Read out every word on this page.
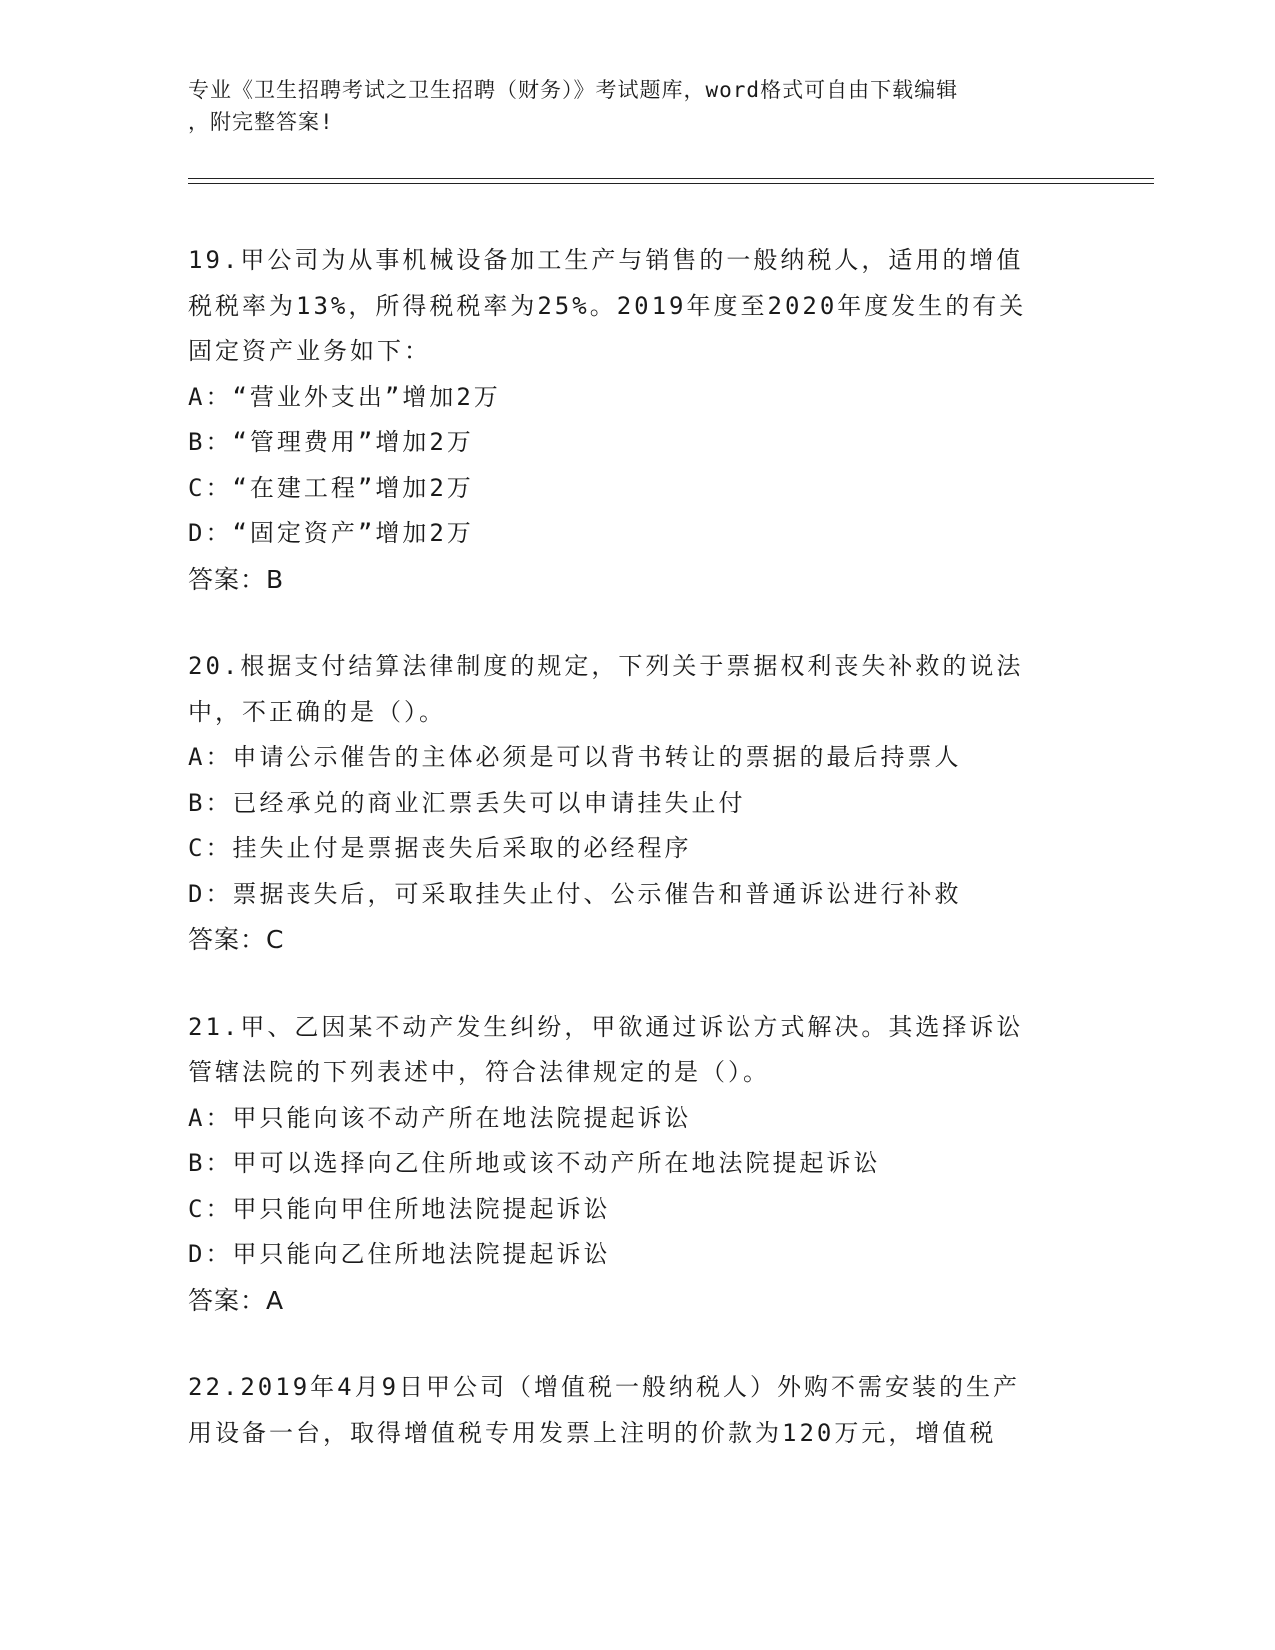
专业《卫生招聘考试之卫生招聘（财务）》考试题库，word格式可自由下载编辑
，附完整答案!
19.甲公司为从事机械设备加工生产与销售的一般纳税人，适用的增值
税税率为13%，所得税税率为25%。2019年度至2020年度发生的有关
固定资产业务如下：
A：“营业外支出”增加2万
B：“管理费用”增加2万
C：“在建工程”增加2万
D：“固定资产”增加2万
答案：B
20.根据支付结算法律制度的规定，下列关于票据权利丧失补救的说法
中，不正确的是（）。
A：申请公示催告的主体必须是可以背书转让的票据的最后持票人
B：已经承兑的商业汇票丢失可以申请挂失止付
C：挂失止付是票据丧失后采取的必经程序
D：票据丧失后，可采取挂失止付、公示催告和普通诉讼进行补救
答案：C
21.甲、乙因某不动产发生纠纷，甲欲通过诉讼方式解决。其选择诉讼
管辖法院的下列表述中，符合法律规定的是（）。
A：甲只能向该不动产所在地法院提起诉讼
B：甲可以选择向乙住所地或该不动产所在地法院提起诉讼
C：甲只能向甲住所地法院提起诉讼
D：甲只能向乙住所地法院提起诉讼
答案：A
22.2019年4月9日甲公司（增值税一般纳税人）外购不需安装的生产
用设备一台，取得增值税专用发票上注明的价款为120万元，增值税
